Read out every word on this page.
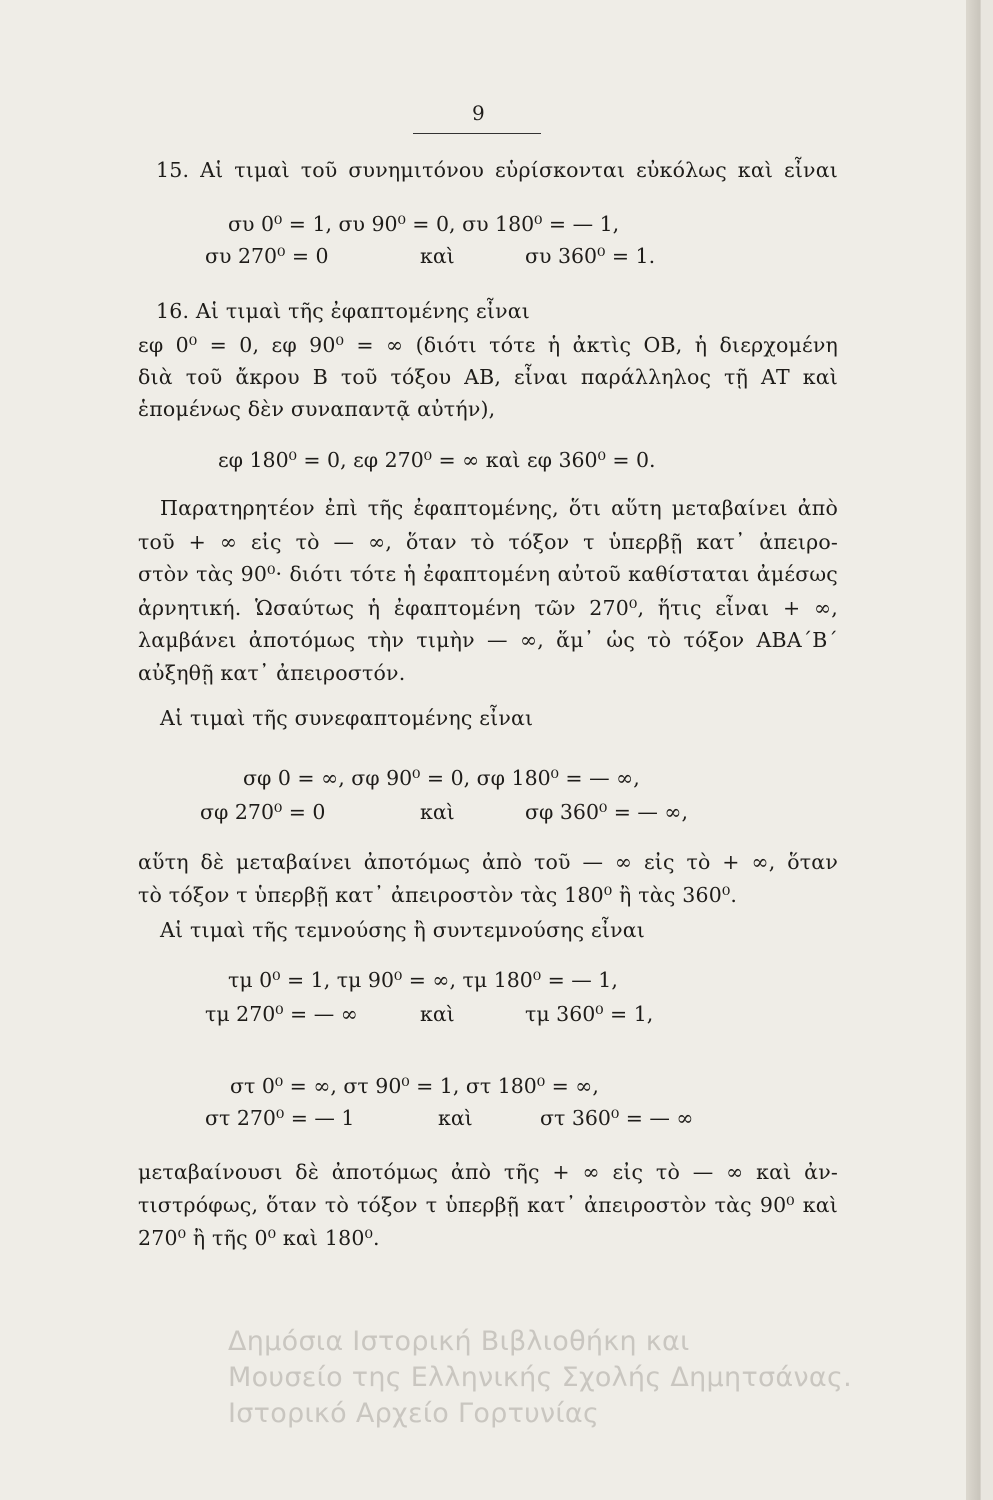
9
15. Αἱ τιμαὶ τοῦ συνημιτόνου εὑρίσκονται εὐκόλως καὶ εἶναι
συ 0⁰ = 1, συ 90⁰ = 0, συ 180⁰ = — 1,
συ 270⁰ = 0	καὶ	συ 360⁰ = 1.
16. Αἱ τιμαὶ τῆς ἐφαπτομένης εἶναι
εφ 0⁰ = 0, εφ 90⁰ = ∞ (διότι τότε ἡ ἀκτὶς ΟΒ, ἡ διερχομένη
διὰ τοῦ ἄκρου Β τοῦ τόξου ΑΒ, εἶναι παράλληλος τῇ ΑΤ καὶ
ἑπομένως δὲν συναπαντᾷ αὐτήν),
εφ 180⁰ = 0, εφ 270⁰ = ∞ καὶ εφ 360⁰ = 0.
Παρατηρητέον ἐπὶ τῆς ἐφαπτομένης, ὅτι αὕτη μεταβαίνει ἀπὸ
τοῦ + ∞ εἰς τὸ — ∞, ὅταν τὸ τόξον τ ὑπερβῇ κατ᾿ ἀπειρο-
στὸν τὰς 90⁰· διότι τότε ἡ ἐφαπτομένη αὐτοῦ καθίσταται ἀμέσως
ἀρνητική. Ὡσαύτως ἡ ἐφαπτομένη τῶν 270⁰, ἥτις εἶναι + ∞,
λαμβάνει ἀποτόμως τὴν τιμὴν — ∞, ἅμ᾿ ὡς τὸ τόξον ΑΒΑ΄Β΄
αὐξηθῇ κατ᾿ ἀπειροστόν.
Αἱ τιμαὶ τῆς συνεφαπτομένης εἶναι
σφ 0 = ∞, σφ 90⁰ = 0, σφ 180⁰ = — ∞,
σφ 270⁰ = 0	καὶ	σφ 360⁰ = — ∞,
αὕτη δὲ μεταβαίνει ἀποτόμως ἀπὸ τοῦ — ∞ εἰς τὸ + ∞, ὅταν
τὸ τόξον τ ὑπερβῇ κατ᾿ ἀπειροστὸν τὰς 180⁰ ἢ τὰς 360⁰.
Αἱ τιμαὶ τῆς τεμνούσης ἢ συντεμνούσης εἶναι
τμ 0⁰ = 1, τμ 90⁰ = ∞, τμ 180⁰ = — 1,
τμ 270⁰ = — ∞	καὶ	τμ 360⁰ = 1,
στ 0⁰ = ∞, στ 90⁰ = 1, στ 180⁰ = ∞,
στ 270⁰ = — 1	καὶ	στ 360⁰ = — ∞
μεταβαίνουσι δὲ ἀποτόμως ἀπὸ τῆς + ∞ εἰς τὸ — ∞ καὶ ἀν-
τιστρόφως, ὅταν τὸ τόξον τ ὑπερβῇ κατ᾿ ἀπειροστὸν τὰς 90⁰ καὶ
270⁰ ἢ τῆς 0⁰ καὶ 180⁰.
Δημόσια Ιστορική Βιβλιοθήκη και
Μουσείο της Ελληνικής Σχολής Δημητσάνας.
Ιστορικό Αρχείο Γορτυνίας
